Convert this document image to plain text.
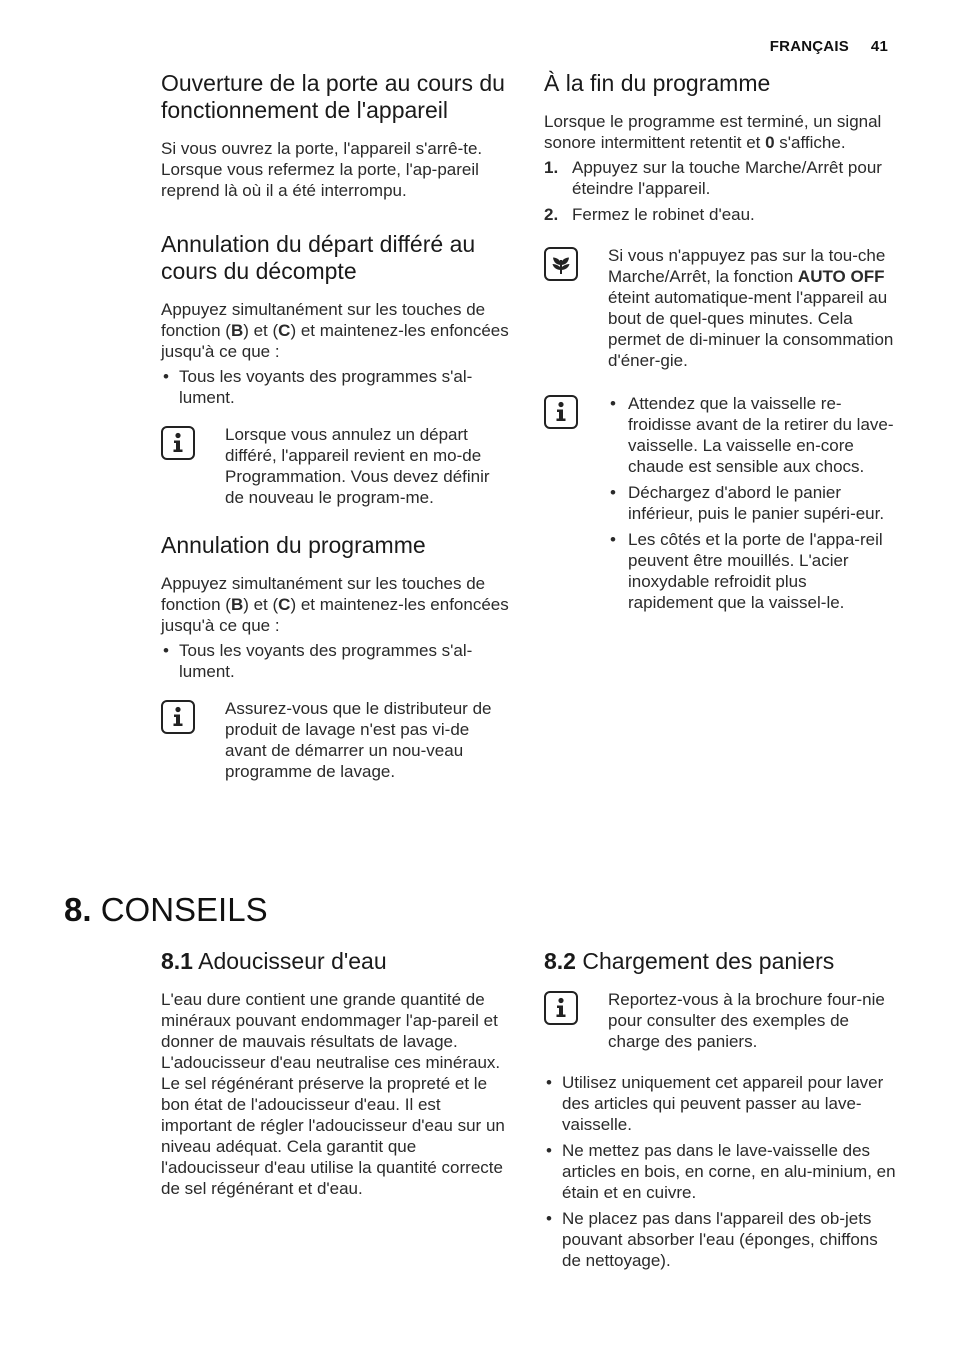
FRANÇAIS 41
Ouverture de la porte au cours du fonctionnement de l'appareil

Si vous ouvrez la porte, l'appareil s'arrê-te. Lorsque vous refermez la porte, l'ap-pareil reprend là où il a été interrompu.

Annulation du départ différé au cours du décompte

Appuyez simultanément sur les touches de fonction (B) et (C) et maintenez-les enfoncées jusqu'à ce que :

• Tous les voyants des programmes s'al-lument.

Lorsque vous annulez un départ différé, l'appareil revient en mo-de Programmation. Vous devez définir de nouveau le program-me.

Annulation du programme

Appuyez simultanément sur les touches de fonction (B) et (C) et maintenez-les enfoncées jusqu'à ce que :

• Tous les voyants des programmes s'al-lument.

Assurez-vous que le distributeur de produit de lavage n'est pas vi-de avant de démarrer un nou-veau programme de lavage.

À la fin du programme

Lorsque le programme est terminé, un signal sonore intermittent retentit et 0 s'affiche.

1. Appuyez sur la touche Marche/Arrêt pour éteindre l'appareil.
2. Fermez le robinet d'eau.

Si vous n'appuyez pas sur la tou-che Marche/Arrêt, la fonction AUTO OFF éteint automatique-ment l'appareil au bout de quel-ques minutes. Cela permet de di-minuer la consommation d'éner-gie.

• Attendez que la vaisselle re-froidisse avant de la retirer du lave-vaisselle. La vaisselle en-core chaude est sensible aux chocs.
• Déchargez d'abord le panier inférieur, puis le panier supéri-eur.
• Les côtés et la porte de l'appa-reil peuvent être mouillés. L'acier inoxydable refroidit plus rapidement que la vaissel-le.
8. CONSEILS
8.1 Adoucisseur d'eau

L'eau dure contient une grande quantité de minéraux pouvant endommager l'ap-pareil et donner de mauvais résultats de lavage. L'adoucisseur d'eau neutralise ces minéraux.

Le sel régénérant préserve la propreté et le bon état de l'adoucisseur d'eau. Il est important de régler l'adoucisseur d'eau sur un niveau adéquat. Cela garantit que l'adoucisseur d'eau utilise la quantité correcte de sel régénérant et d'eau.

8.2 Chargement des paniers

Reportez-vous à la brochure four-nie pour consulter des exemples de charge des paniers.

• Utilisez uniquement cet appareil pour laver des articles qui peuvent passer au lave-vaisselle.
• Ne mettez pas dans le lave-vaisselle des articles en bois, en corne, en alu-minium, en étain et en cuivre.
• Ne placez pas dans l'appareil des ob-jets pouvant absorber l'eau (éponges, chiffons de nettoyage).
